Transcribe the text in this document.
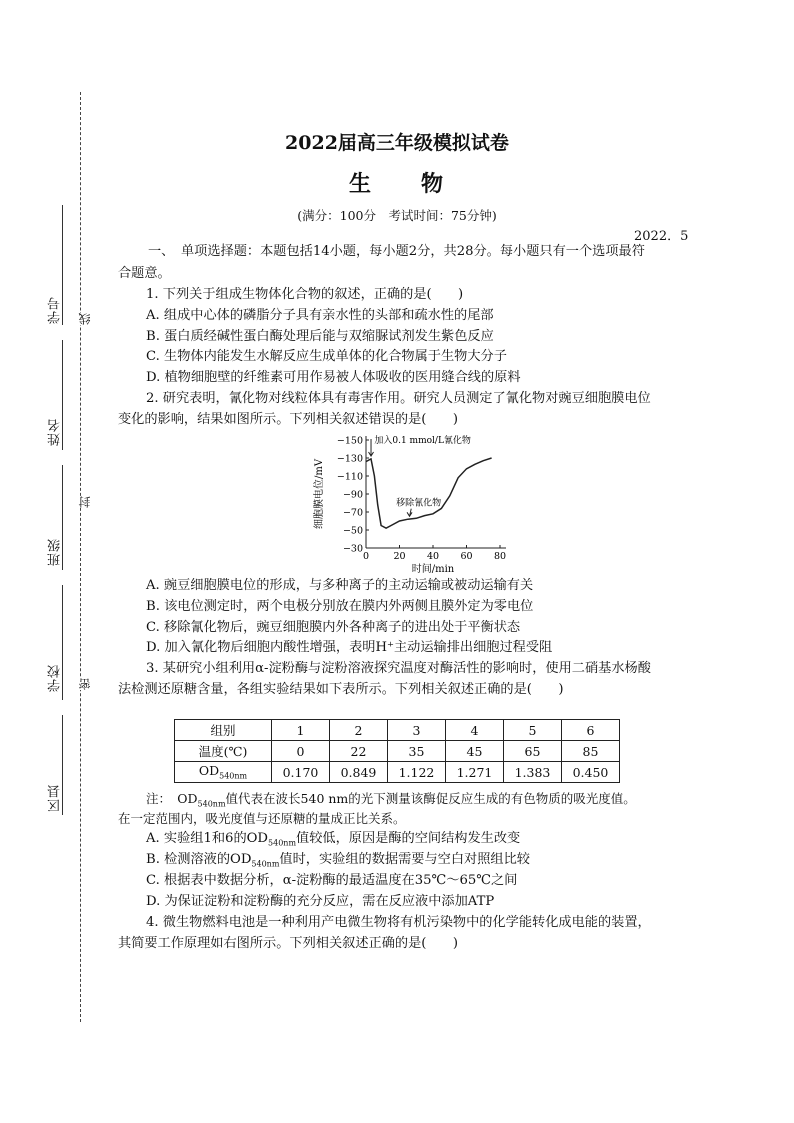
学号
姓名
班级
学校
区县
线
封
密
2022届高三年级模拟试卷
生　　物
(满分：100分　考试时间：75分钟)
2022．5
一、　单项选择题：本题包括14小题，每小题2分，共28分。每小题只有一个选项最符
合题意。
1. 下列关于组成生物体化合物的叙述，正确的是(　　)
A. 组成中心体的磷脂分子具有亲水性的头部和疏水性的尾部
B. 蛋白质经碱性蛋白酶处理后能与双缩脲试剂发生紫色反应
C. 生物体内能发生水解反应生成单体的化合物属于生物大分子
D. 植物细胞壁的纤维素可用作易被人体吸收的医用缝合线的原料
2. 研究表明，氰化物对线粒体具有毒害作用。研究人员测定了氰化物对豌豆细胞膜电位
变化的影响，结果如图所示。下列相关叙述错误的是(　　)
−150
−130
−110
−90
−70
−50
−30
0	20 40 60 80
时间/min
细胞膜电位/mV
加入0.1 mmol/L氰化物
移除氰化物
A. 豌豆细胞膜电位的形成，与多种离子的主动运输或被动运输有关
B. 该电位测定时，两个电极分别放在膜内外两侧且膜外定为零电位
C. 移除氰化物后，豌豆细胞膜内外各种离子的进出处于平衡状态
D. 加入氰化物后细胞内酸性增强，表明H⁺主动运输排出细胞过程受阻
3. 某研究小组利用α-淀粉酶与淀粉溶液探究温度对酶活性的影响时，使用二硝基水杨酸
法检测还原糖含量，各组实验结果如下表所示。下列相关叙述正确的是(　　)
组别	1	2	3	4	5	6
温度(℃)	0	22	35	45	65	85
$OD_{540nm}$	0.170	0.849	1.122	1.271	1.383	0.450
注：　$OD_{540nm}$值代表在波长540 nm的光下测量该酶促反应生成的有色物质的吸光度值。
在一定范围内，吸光度值与还原糖的量成正比关系。
A. 实验组1和6的$OD_{540nm}$值较低，原因是酶的空间结构发生改变
B. 检测溶液的$OD_{540nm}$值时，实验组的数据需要与空白对照组比较
C. 根据表中数据分析，α-淀粉酶的最适温度在35℃～65℃之间
D. 为保证淀粉和淀粉酶的充分反应，需在反应液中添加ATP
4. 微生物燃料电池是一种利用产电微生物将有机污染物中的化学能转化成电能的装置，
其简要工作原理如右图所示。下列相关叙述正确的是(　　)
